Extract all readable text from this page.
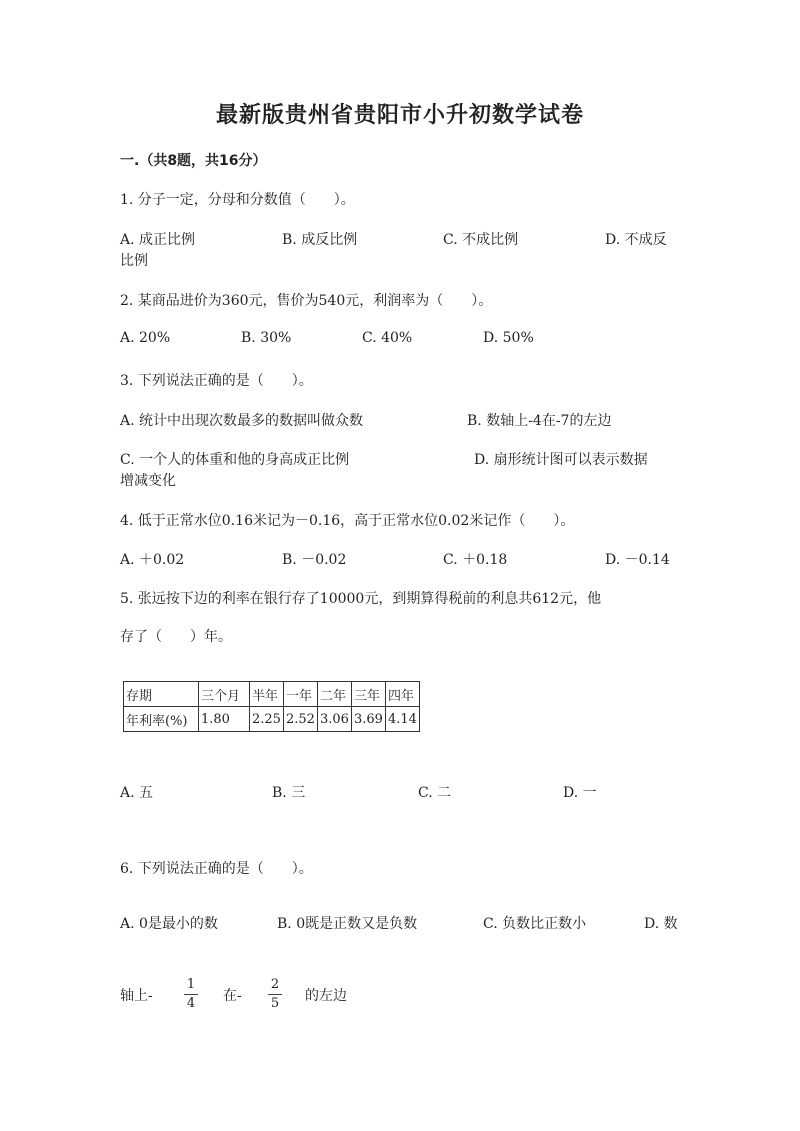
最新版贵州省贵阳市小升初数学试卷
一.（共8题，共16分）
1. 分子一定，分母和分数值（　　）。
A. 成正比例	B. 成反比例	C. 不成比例	D. 不成反
比例
2. 某商品进价为360元，售价为540元，利润率为（　　）。
A. 20%	B. 30%	C. 40%	D. 50%
3. 下列说法正确的是（　　）。
A. 统计中出现次数最多的数据叫做众数	B. 数轴上-4在-7的左边
C. 一个人的体重和他的身高成正比例	D. 扇形统计图可以表示数据
增减变化
4. 低于正常水位0.16米记为－0.16，高于正常水位0.02米记作（　　）。
A. ＋0.02	B. －0.02	C. ＋0.18	D. －0.14
5. 张远按下边的利率在银行存了10000元，到期算得税前的利息共612元，他
存了（　　）年。
存期	三个月	半年	一年	二年	三年	四年
年利率(%)	1.80	2.25	2.52	3.06	3.69	4.14
A. 五	B. 三	C. 二	D. 一
6. 下列说法正确的是（　　）。
A. 0是最小的数	B. 0既是正数又是负数	C. 负数比正数小	D. 数
轴上-
1
4 在-
2
5 的左边
